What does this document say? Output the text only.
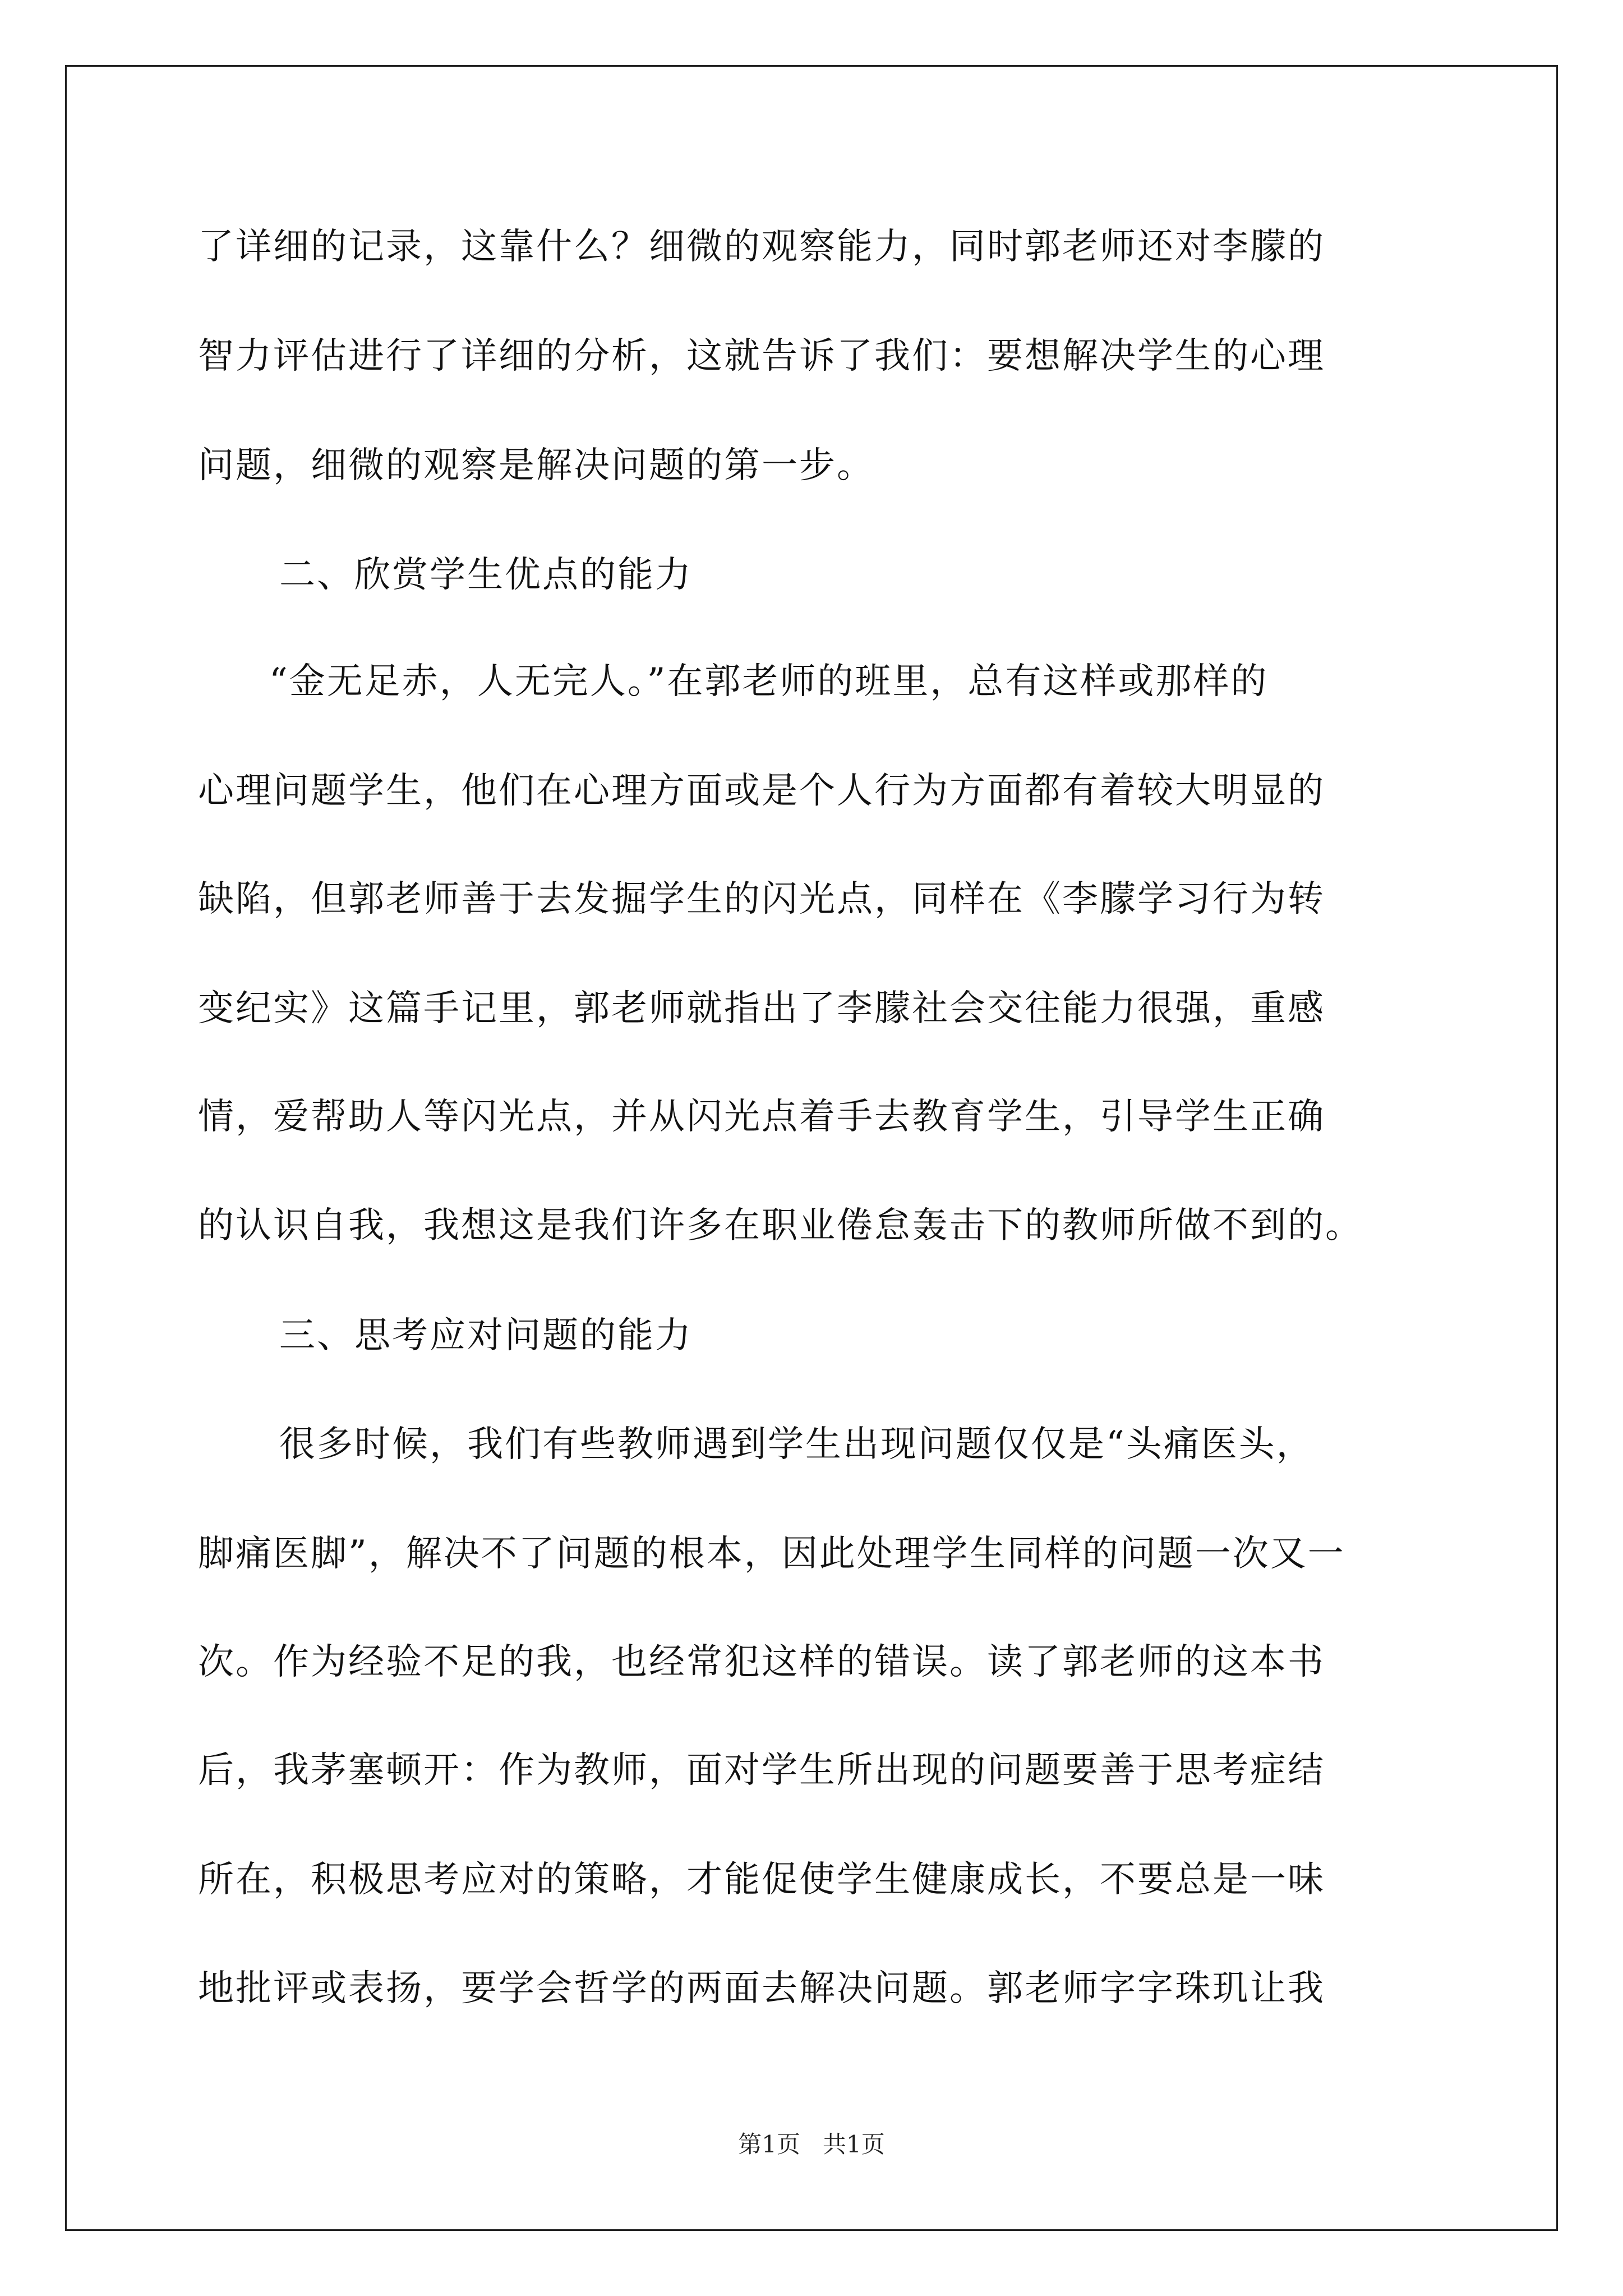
了详细的记录，这靠什么？细微的观察能力，同时郭老师还对李朦的
智力评估进行了详细的分析，这就告诉了我们：要想解决学生的心理
问题，细微的观察是解决问题的第一步。
二、欣赏学生优点的能力
“金无足赤，人无完人。”在郭老师的班里，总有这样或那样的
心理问题学生，他们在心理方面或是个人行为方面都有着较大明显的
缺陷，但郭老师善于去发掘学生的闪光点，同样在《李朦学习行为转
变纪实》这篇手记里，郭老师就指出了李朦社会交往能力很强，重感
情，爱帮助人等闪光点，并从闪光点着手去教育学生，引导学生正确
的认识自我，我想这是我们许多在职业倦怠轰击下的教师所做不到的。
三、思考应对问题的能力
很多时候，我们有些教师遇到学生出现问题仅仅是“头痛医头，
脚痛医脚”，解决不了问题的根本，因此处理学生同样的问题一次又一
次。作为经验不足的我，也经常犯这样的错误。读了郭老师的这本书
后，我茅塞顿开：作为教师，面对学生所出现的问题要善于思考症结
所在，积极思考应对的策略，才能促使学生健康成长，不要总是一味
地批评或表扬，要学会哲学的两面去解决问题。郭老师字字珠玑让我
第1页   共1页
